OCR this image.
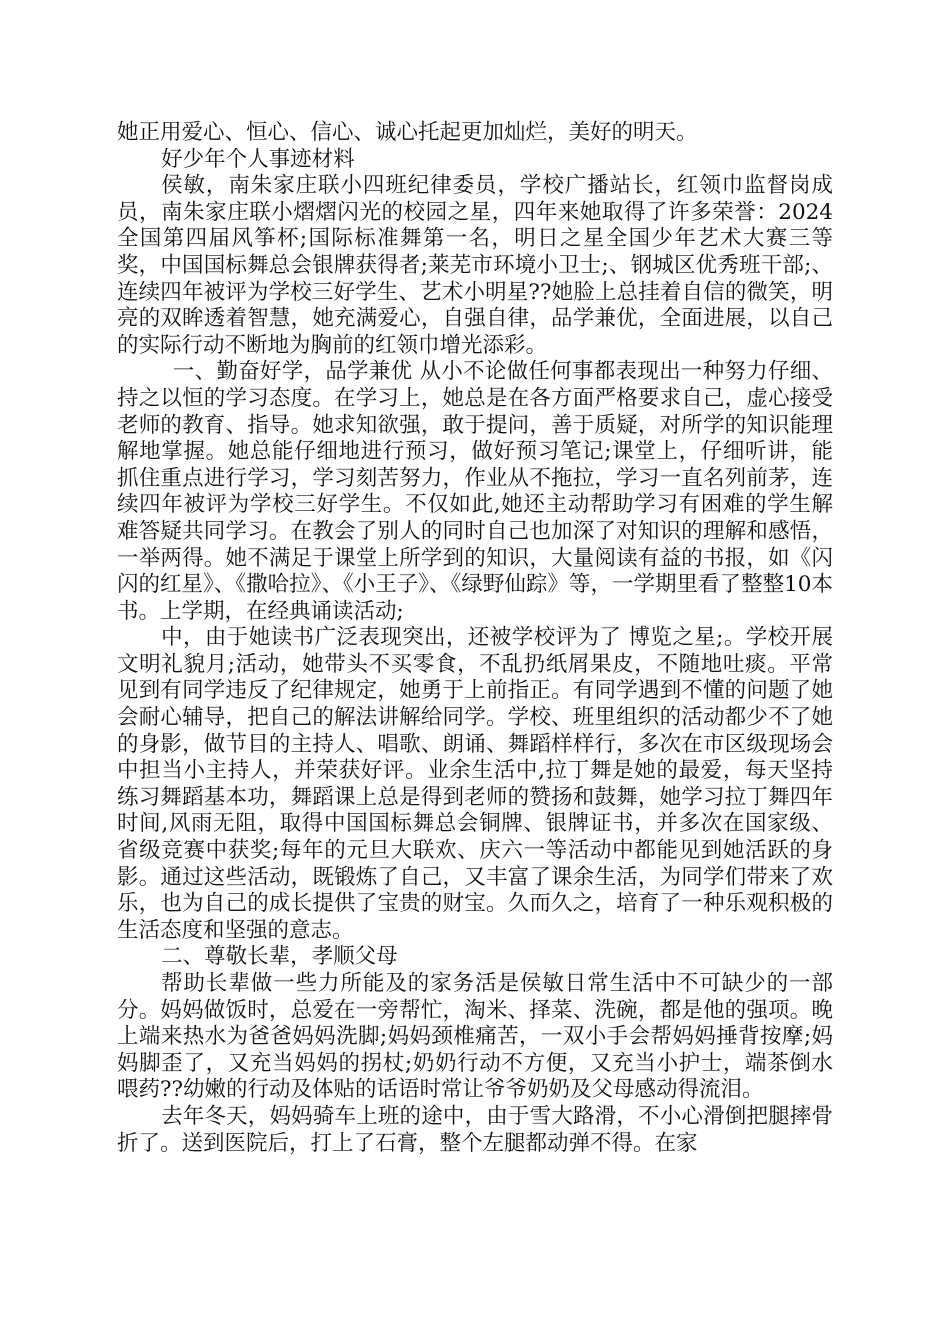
她正用爱心、恒心、信心、诚心托起更加灿烂，美好的明天。

好少年个人事迹材料

侯敏，南朱家庄联小四班纪律委员，学校广播站长，红领巾监督岗成员，南朱家庄联小熠熠闪光的校园之星，四年来她取得了许多荣誉：2024全国第四届风筝杯;国际标准舞第一名，明日之星全国少年艺术大赛三等奖，中国国标舞总会银牌获得者;莱芜市环境小卫士;、钢城区优秀班干部;、连续四年被评为学校三好学生、艺术小明星??她脸上总挂着自信的微笑，明亮的双眸透着智慧，她充满爱心，自强自律，品学兼优，全面进展，以自己的实际行动不断地为胸前的红领巾增光添彩。

一、勤奋好学，品学兼优 从小不论做任何事都表现出一种努力仔细、持之以恒的学习态度。在学习上，她总是在各方面严格要求自己，虚心接受老师的教育、指导。她求知欲强，敢于提问，善于质疑，对所学的知识能理解地掌握。她总能仔细地进行预习，做好预习笔记;课堂上，仔细听讲，能抓住重点进行学习，学习刻苦努力，作业从不拖拉，学习一直名列前茅，连续四年被评为学校三好学生。不仅如此,她还主动帮助学习有困难的学生解难答疑共同学习。在教会了别人的同时自己也加深了对知识的理解和感悟，一举两得。她不满足于课堂上所学到的知识，大量阅读有益的书报，如《闪闪的红星》、《撒哈拉》、《小王子》、《绿野仙踪》等，一学期里看了整整10本书。上学期，在经典诵读活动;

中，由于她读书广泛表现突出，还被学校评为了 博览之星;。学校开展文明礼貌月;活动，她带头不买零食，不乱扔纸屑果皮，不随地吐痰。平常见到有同学违反了纪律规定，她勇于上前指正。有同学遇到不懂的问题了她会耐心辅导，把自己的解法讲解给同学。学校、班里组织的活动都少不了她的身影，做节目的主持人、唱歌、朗诵、舞蹈样样行，多次在市区级现场会中担当小主持人，并荣获好评。业余生活中,拉丁舞是她的最爱，每天坚持练习舞蹈基本功，舞蹈课上总是得到老师的赞扬和鼓舞，她学习拉丁舞四年时间,风雨无阻，取得中国国标舞总会铜牌、银牌证书，并多次在国家级、省级竞赛中获奖;每年的元旦大联欢、庆六一等活动中都能见到她活跃的身影。通过这些活动，既锻炼了自己，又丰富了课余生活，为同学们带来了欢乐，也为自己的成长提供了宝贵的财宝。久而久之，培育了一种乐观积极的生活态度和坚强的意志。

二、尊敬长辈，孝顺父母

帮助长辈做一些力所能及的家务活是侯敏日常生活中不可缺少的一部分。妈妈做饭时，总爱在一旁帮忙，淘米、择菜、洗碗，都是他的强项。晚上端来热水为爸爸妈妈洗脚;妈妈颈椎痛苦，一双小手会帮妈妈捶背按摩;妈妈脚歪了，又充当妈妈的拐杖;奶奶行动不方便，又充当小护士，端茶倒水喂药??幼嫩的行动及体贴的话语时常让爷爷奶奶及父母感动得流泪。

去年冬天，妈妈骑车上班的途中，由于雪大路滑，不小心滑倒把腿摔骨折了。送到医院后，打上了石膏，整个左腿都动弹不得。在家
